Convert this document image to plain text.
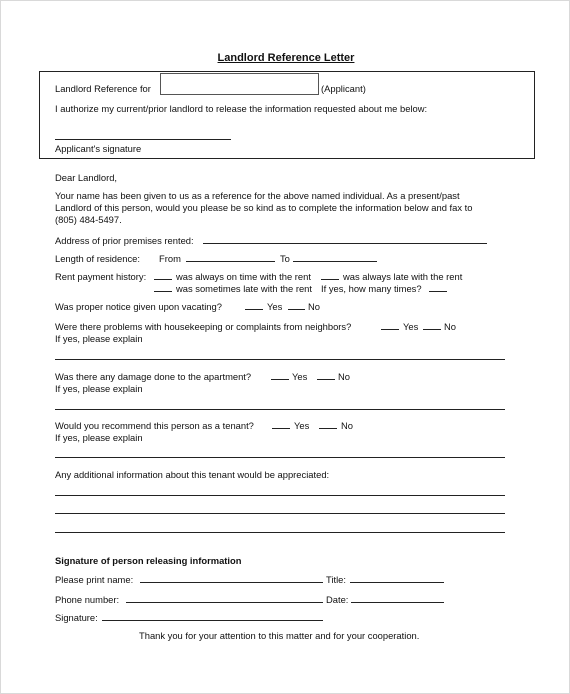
Landlord Reference Letter
Landlord Reference for	(Applicant)
I authorize my current/prior landlord to release the information requested about me below:
Applicant's signature
Dear Landlord,
Your name has been given to us as a reference for the above named individual. As a present/past
Landlord of this person, would you please be so kind as to complete the information below and fax to
(805) 484-5497.
Address of prior premises rented:
Length of residence: From	To
Rent payment history:	was always on time with the rent	was always late with the rent
was sometimes late with the rent If yes, how many times?
Was proper notice given upon vacating?	Yes	No
Were there problems with housekeeping or complaints from neighbors?	Yes	No
If yes, please explain
Was there any damage done to the apartment?	Yes	No
If yes, please explain
Would you recommend this person as a tenant?	Yes	No
If yes, please explain
Any additional information about this tenant would be appreciated:
Signature of person releasing information
Please print name:	Title:
Phone number:	Date:
Signature:
Thank you for your attention to this matter and for your cooperation.
